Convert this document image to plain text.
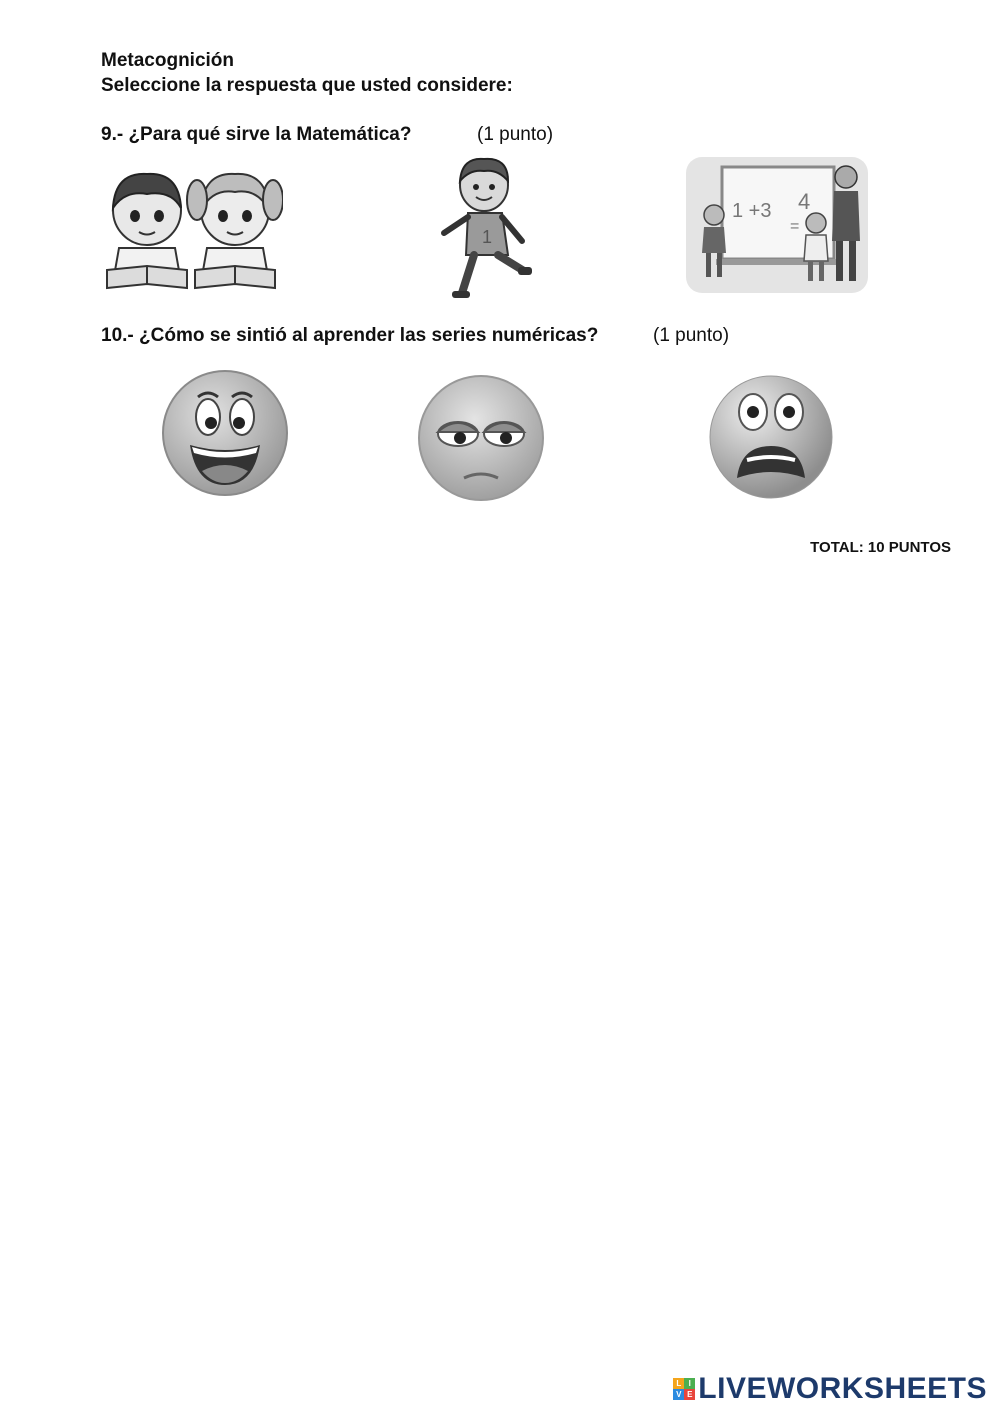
Metacognición
Seleccione la respuesta que usted considere:
9.- ¿Para qué sirve la Matemática?	(1 punto)
1
1 +3 4
=
10.- ¿Cómo se sintió al aprender las series numéricas?	(1 punto)
TOTAL: 10 PUNTOS
L I
V E LIVEWORKSHEETS
